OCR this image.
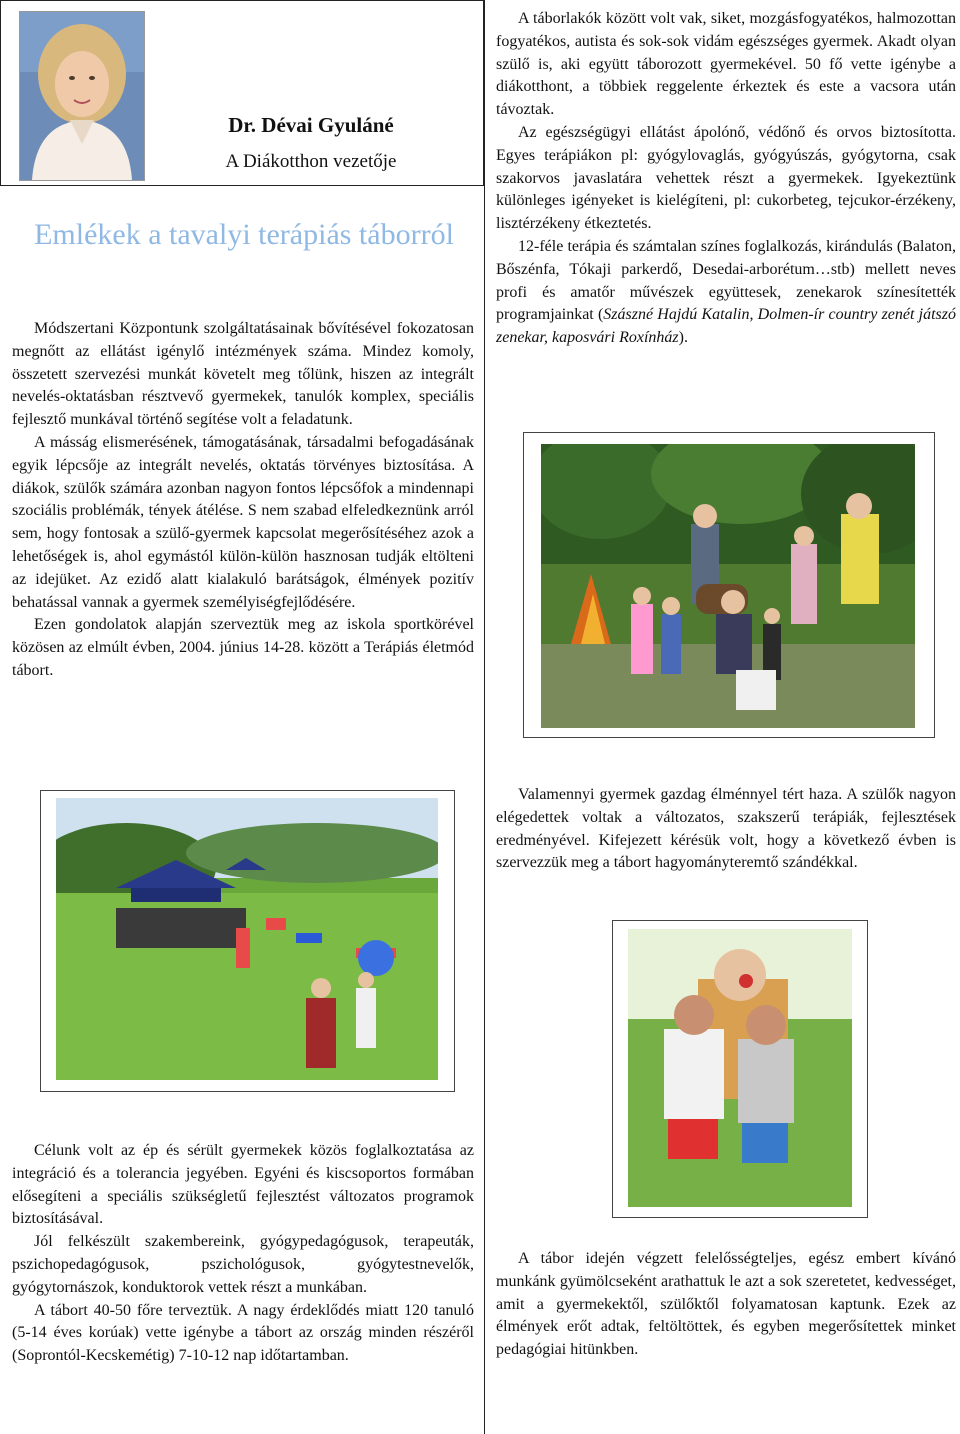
Dr. Dévai Gyuláné
A Diákotthon vezetője
Emlékek a tavalyi terápiás táborról

Módszertani Központunk szolgáltatásainak bővítésével fokozatosan megnőtt az ellátást igénylő intézmények száma. Mindez komoly, összetett szervezési munkát követelt meg tőlünk, hiszen az integrált nevelés-oktatásban résztvevő gyermekek, tanulók komplex, speciális fejlesztő munkával történő segítése volt a feladatunk.

A másság elismerésének, támogatásának, társadalmi befogadásának egyik lépcsője az integrált nevelés, oktatás törvényes biztosítása. A diákok, szülők számára azonban nagyon fontos lépcsőfok a mindennapi szociális problémák, tények átélése. S nem szabad elfeledkeznünk arról sem, hogy fontosak a szülő-gyermek kapcsolat megerősítéséhez azok a lehetőségek is, ahol egymástól külön-külön hasznosan tudják eltölteni az idejüket. Az ezidő alatt kialakuló barátságok, élmények pozitív behatással vannak a gyermek személyiségfejlődésére.

Ezen gondolatok alapján szerveztük meg az iskola sportkörével közösen az elmúlt évben, 2004. június 14-28. között a Terápiás életmód tábort.

A táborlakók között volt vak, siket, mozgásfogyatékos, halmozottan fogyatékos, autista és sok-sok vidám egészséges gyermek. Akadt olyan szülő is, aki együtt táborozott gyermekével. 50 fő vette igénybe a diákotthont, a többiek reggelente érkeztek és este a vacsora után távoztak.

Az egészségügyi ellátást ápolónő, védőnő és orvos biztosította. Egyes terápiákon pl: gyógylovaglás, gyógyúszás, gyógytorna, csak szakorvos javaslatára vehettek részt a gyermekek. Igyekeztünk különleges igényeket is kielégíteni, pl: cukorbeteg, tejcukor-érzékeny, lisztérzékeny étkeztetés.

12-féle terápia és számtalan színes foglalkozás, kirándulás (Balaton, Bőszénfa, Tókaji parkerdő, Desedai-arborétum…stb) mellett neves profi és amatőr művészek együttesek, zenekarok színesítették programjainkat (Szászné Hajdú Katalin, Dolmen-ír country zenét játszó zenekar, kaposvári Roxínház).

Valamennyi gyermek gazdag élménnyel tért haza. A szülők nagyon elégedettek voltak a változatos, szakszerű terápiák, fejlesztések eredményével. Kifejezett kérésük volt, hogy a következő évben is szervezzük meg a tábort hagyományteremtő szándékkal.

Célunk volt az ép és sérült gyermekek közös foglalkoztatása az integráció és a tolerancia jegyében. Egyéni és kiscsoportos formában elősegíteni a speciális szükségletű fejlesztést változatos programok biztosításával.

Jól felkészült szakembereink, gyógypedagógusok, terapeuták, pszichopedagógusok, pszichológusok, gyógytestnevelők, gyógytornászok, konduktorok vettek részt a munkában.

A tábort 40-50 főre terveztük. A nagy érdeklődés miatt 120 tanuló (5-14 éves korúak) vette igénybe a tábort az ország minden részéről (Soprontól-Kecskemétig) 7-10-12 nap időtartamban.

A tábor idején végzett felelősségteljes, egész embert kívánó munkánk gyümölcseként arathattuk le azt a sok szeretetet, kedvességet, amit a gyermekektől, szülőktől folyamatosan kaptunk. Ezek az élmények erőt adtak, feltöltöttek, és egyben megerősítettek minket pedagógiai hitünkben.
